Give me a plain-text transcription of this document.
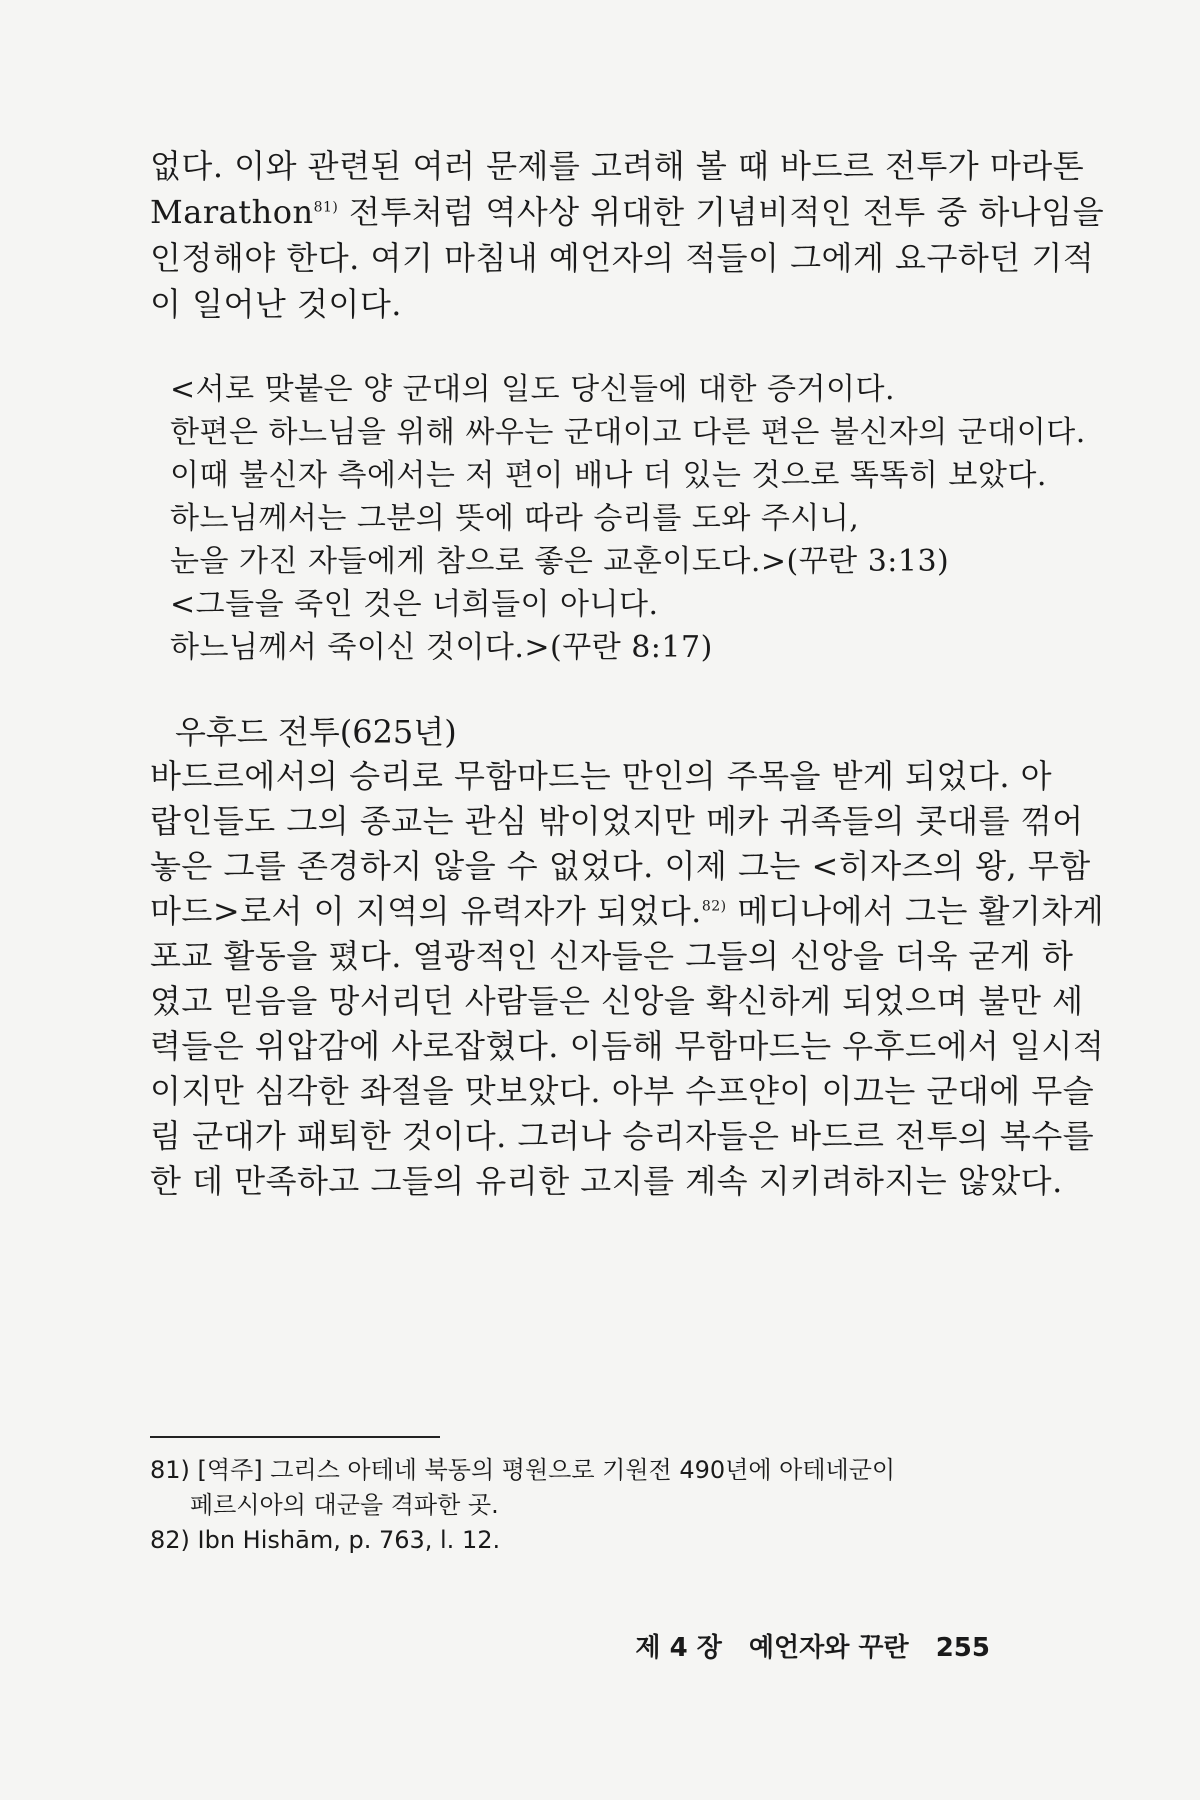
없다. 이와 관련된 여러 문제를 고려해 볼 때 바드르 전투가 마라톤
Marathon$^{81)}$ 전투처럼 역사상 위대한 기념비적인 전투 중 하나임을
인정해야 한다. 여기 마침내 예언자의 적들이 그에게 요구하던 기적
이 일어난 것이다.
<서로 맞붙은 양 군대의 일도 당신들에 대한 증거이다.
한편은 하느님을 위해 싸우는 군대이고 다른 편은 불신자의 군대이다.
이때 불신자 측에서는 저 편이 배나 더 있는 것으로 똑똑히 보았다.
하느님께서는 그분의 뜻에 따라 승리를 도와 주시니,
눈을 가진 자들에게 참으로 좋은 교훈이도다.>(꾸란 3:13)
<그들을 죽인 것은 너희들이 아니다.
하느님께서 죽이신 것이다.>(꾸란 8:17)
우후드 전투(625년)
바드르에서의 승리로 무함마드는 만인의 주목을 받게 되었다. 아
랍인들도 그의 종교는 관심 밖이었지만 메카 귀족들의 콧대를 꺾어
놓은 그를 존경하지 않을 수 없었다. 이제 그는 <히자즈의 왕, 무함
마드>로서 이 지역의 유력자가 되었다.$^{82)}$ 메디나에서 그는 활기차게
포교 활동을 폈다. 열광적인 신자들은 그들의 신앙을 더욱 굳게 하
였고 믿음을 망서리던 사람들은 신앙을 확신하게 되었으며 불만 세
력들은 위압감에 사로잡혔다. 이듬해 무함마드는 우후드에서 일시적
이지만 심각한 좌절을 맛보았다. 아부 수프얀이 이끄는 군대에 무슬
림 군대가 패퇴한 것이다. 그러나 승리자들은 바드르 전투의 복수를
한 데 만족하고 그들의 유리한 고지를 계속 지키려하지는 않았다.
81) [역주] 그리스 아테네 북동의 평원으로 기원전 490년에 아테네군이
페르시아의 대군을 격파한 곳.
82) Ibn Hishām, p. 763, l. 12.
제 4 장 예언자와 꾸란 255
